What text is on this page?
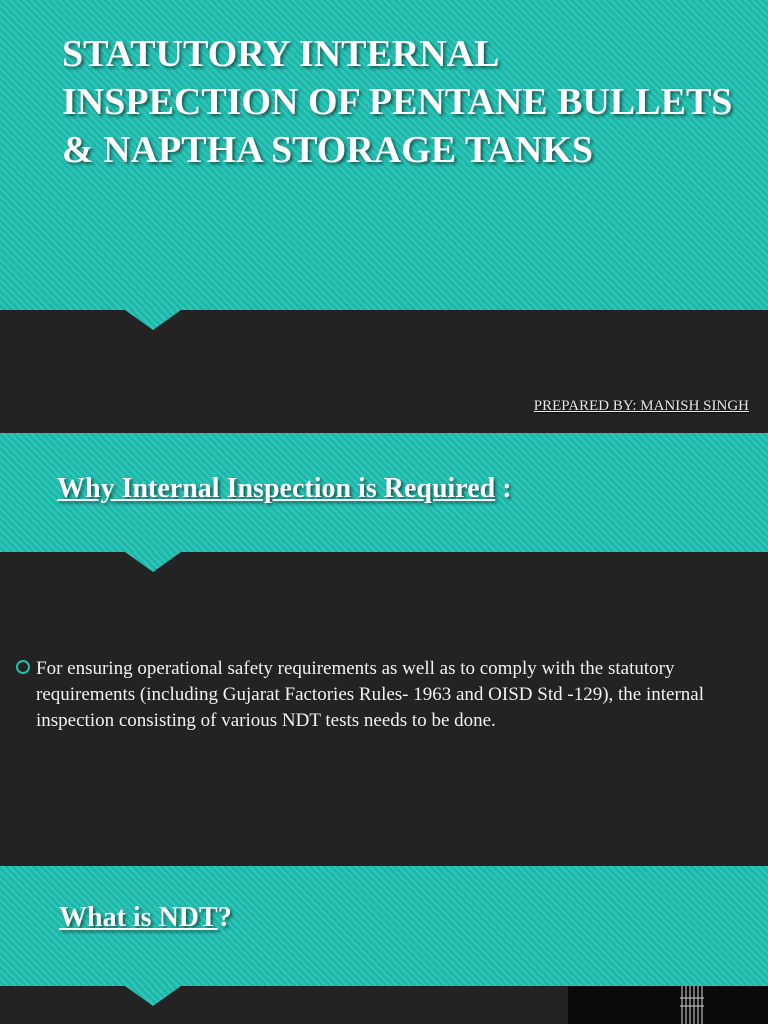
STATUTORY INTERNAL INSPECTION OF PENTANE BULLETS & NAPTHA STORAGE TANKS
PREPARED BY: MANISH SINGH
Why Internal Inspection is Required :

For ensuring operational safety requirements as well as to comply with the statutory requirements (including Gujarat Factories Rules- 1963 and OISD Std -129), the internal inspection consisting of various NDT tests needs to be done.

What is NDT?
